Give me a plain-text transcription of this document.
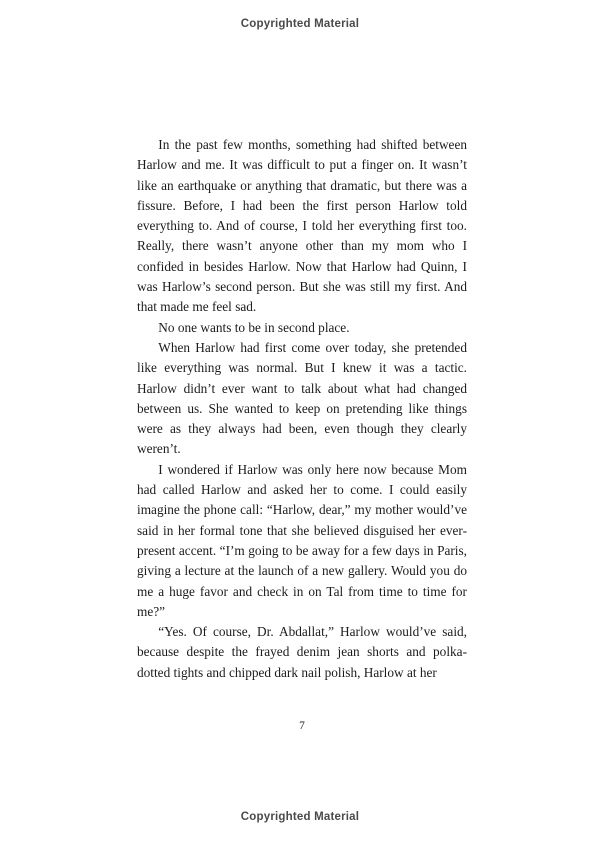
Copyrighted Material

In the past few months, something had shifted between Harlow and me. It was difficult to put a finger on. It wasn’t like an earthquake or anything that dramatic, but there was a fissure. Before, I had been the first person Harlow told everything to. And of course, I told her everything first too. Really, there wasn’t anyone other than my mom who I confided in besides Harlow. Now that Harlow had Quinn, I was Harlow’s second person. But she was still my first. And that made me feel sad.

No one wants to be in second place.

When Harlow had first come over today, she pretended like everything was normal. But I knew it was a tactic. Harlow didn’t ever want to talk about what had changed between us. She wanted to keep on pretending like things were as they always had been, even though they clearly weren’t.

I wondered if Harlow was only here now because Mom had called Harlow and asked her to come. I could easily imagine the phone call: “Harlow, dear,” my mother would’ve said in her formal tone that she believed disguised her ever-present accent. “I’m going to be away for a few days in Paris, giving a lecture at the launch of a new gallery. Would you do me a huge favor and check in on Tal from time to time for me?”

“Yes. Of course, Dr. Abdallat,” Harlow would’ve said, because despite the frayed denim jean shorts and polka-dotted tights and chipped dark nail polish, Harlow at her

7
Copyrighted Material
